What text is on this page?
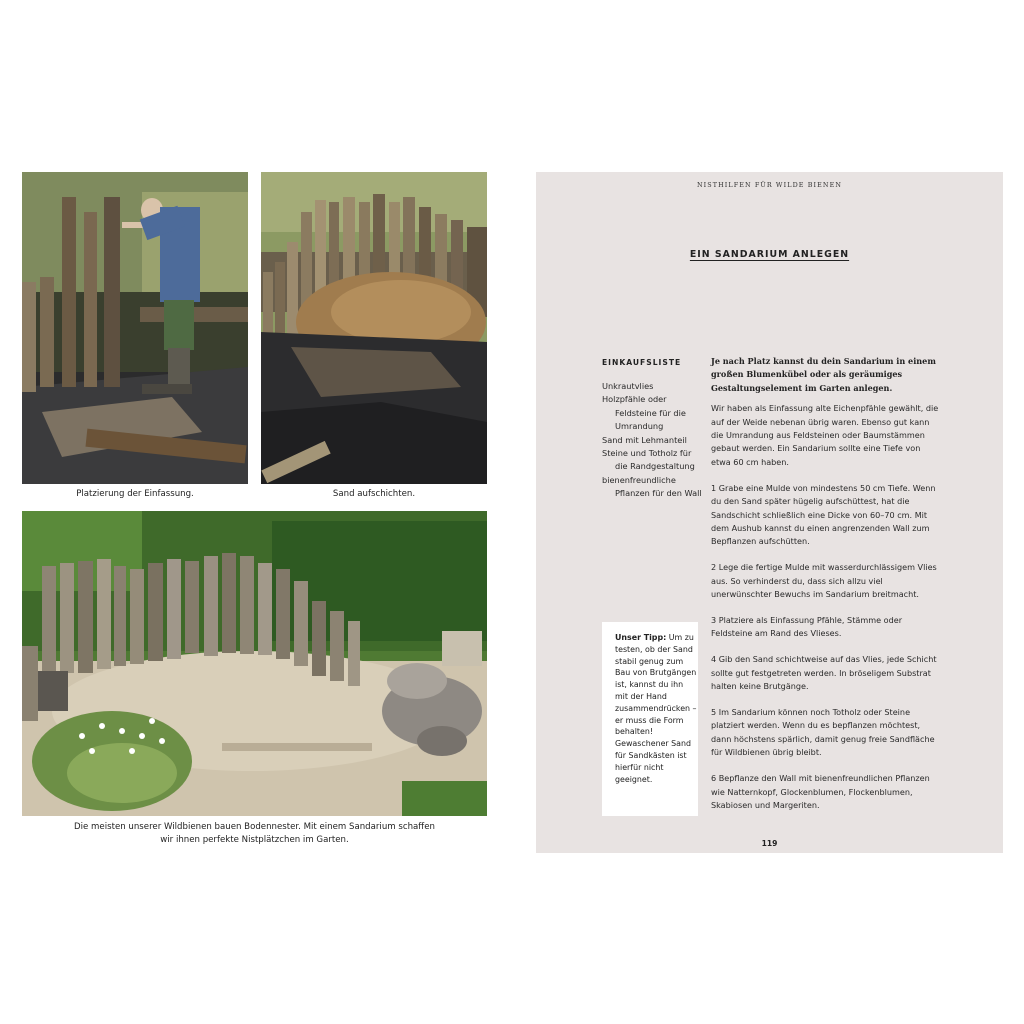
Platzierung der Einfassung.	Sand aufschichten.
Die meisten unserer Wildbienen bauen Bodennester. Mit einem Sandarium schaffen
wir ihnen perfekte Nistplätzchen im Garten.
NISTHILFEN FÜR WILDE BIENEN
EIN SANDARIUM ANLEGEN
EINKAUFSLISTE
Unkrautvlies
Holzpfähle oder Feldsteine für die Umrandung
Sand mit Lehmanteil
Steine und Totholz für die Randgestaltung
bienenfreundliche Pflanzen für den Wall

Je nach Platz kannst du dein Sandarium in einem großen Blumenkübel oder als geräumiges Gestaltungselement im Garten anlegen.

Wir haben als Einfassung alte Eichenpfähle gewählt, die auf der Weide nebenan übrig waren. Ebenso gut kann die Umrandung aus Feldsteinen oder Baumstämmen gebaut werden. Ein Sandarium sollte eine Tiefe von etwa 60 cm haben.

1 Grabe eine Mulde von mindestens 50 cm Tiefe. Wenn du den Sand später hügelig aufschüttest, hat die Sandschicht schließlich eine Dicke von 60–70 cm. Mit dem Aushub kannst du einen angrenzenden Wall zum Bepflanzen aufschütten.

2 Lege die fertige Mulde mit wasserdurchlässigem Vlies aus. So verhinderst du, dass sich allzu viel unerwünschter Bewuchs im Sandarium breitmacht.

3 Platziere als Einfassung Pfähle, Stämme oder Feldsteine am Rand des Vlieses.

4 Gib den Sand schichtweise auf das Vlies, jede Schicht sollte gut festgetreten werden. In bröseligem Substrat halten keine Brutgänge.

5 Im Sandarium können noch Totholz oder Steine platziert werden. Wenn du es bepflanzen möchtest, dann höchstens spärlich, damit genug freie Sandfläche für Wildbienen übrig bleibt.

6 Bepflanze den Wall mit bienenfreundlichen Pflanzen wie Natternkopf, Glockenblumen, Flockenblumen, Skabiosen und Margeriten.

Unser Tipp: Um zu testen, ob der Sand stabil genug zum Bau von Brutgängen ist, kannst du ihn mit der Hand zusammendrücken – er muss die Form behalten! Gewaschener Sand für Sandkästen ist hierfür nicht geeignet.

119
